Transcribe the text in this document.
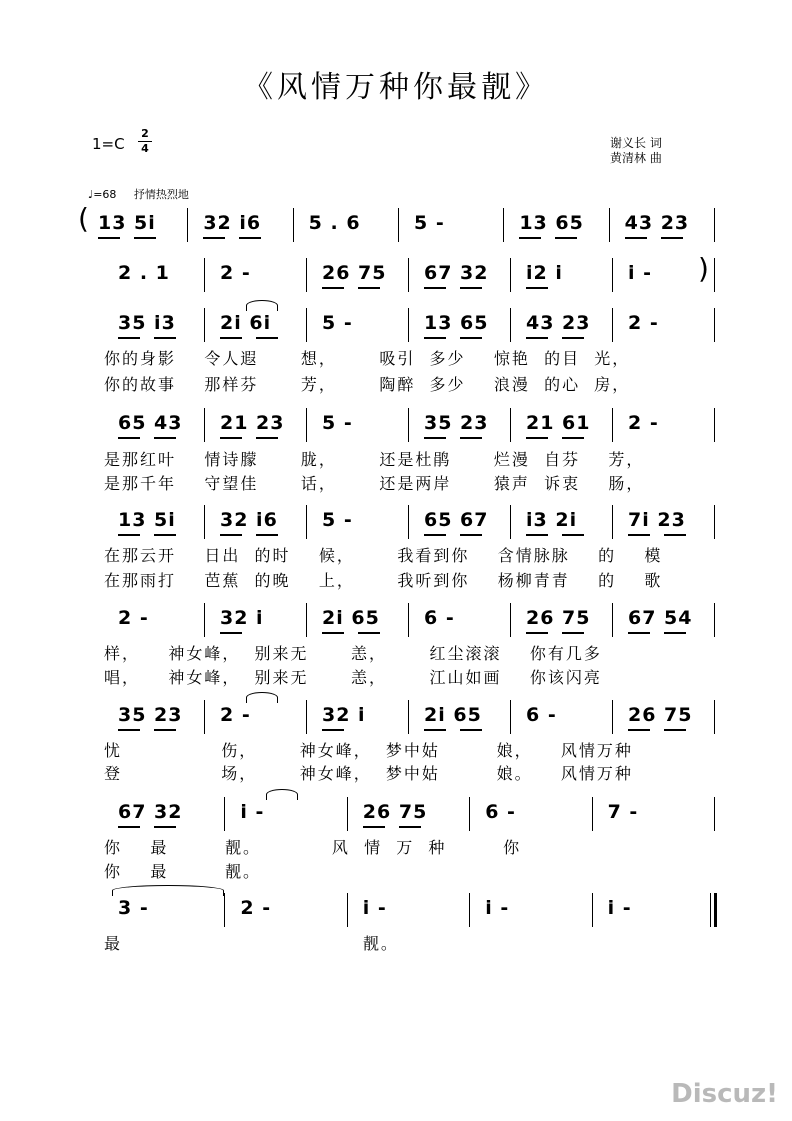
《风情万种你最靓》
1=C
2
4	谢义长 词
黄清林 曲
♩=68 抒情热烈地
( 13 5i	32 i6	5 . 6	5 -	13 65 43 23
2 . 1	2 -	26 75 67 32 i2 i	i - )
35 i3 2i 6i	5 -	13 65 43 23 2 -
65 43 21 23 5 -	35 23 21 61 2 -
13 5i 32 i6 5 -	65 67 i3 2i	7i 23
2 -	32 i	2i 65 6 -	26 75 67 54
35 23 2 -	32 i	2i 65 6 -	26 75
67 32	i -	26 75	6 -	7 -
3 -	2 -	i -	i -	i -
你的身影    令人遐      想，      吸引  多少    惊艳  的目  光，
你的故事    那样芬      芳，      陶醉  多少    浪漫  的心  房，
是那红叶    情诗朦      胧，      还是杜鹃      烂漫  自芬    芳，
是那千年    守望佳      话，      还是两岸      猿声  诉衷    肠，
在那云开    日出  的时    候，      我看到你    含情脉脉    的    模
在那雨打    芭蕉  的晚    上，      我听到你    杨柳青青    的    歌
样，    神女峰，  别来无      恙，      红尘滚滚    你有几多
唱，    神女峰，  别来无      恙，      江山如画    你该闪亮
忧              伤，      神女峰，  梦中姑        娘，    风情万种
登              场，      神女峰，  梦中姑        娘。    风情万种
你    最        靓。          风  情  万  种        你
你    最        靓。
最                                  靓。
Discuz!
